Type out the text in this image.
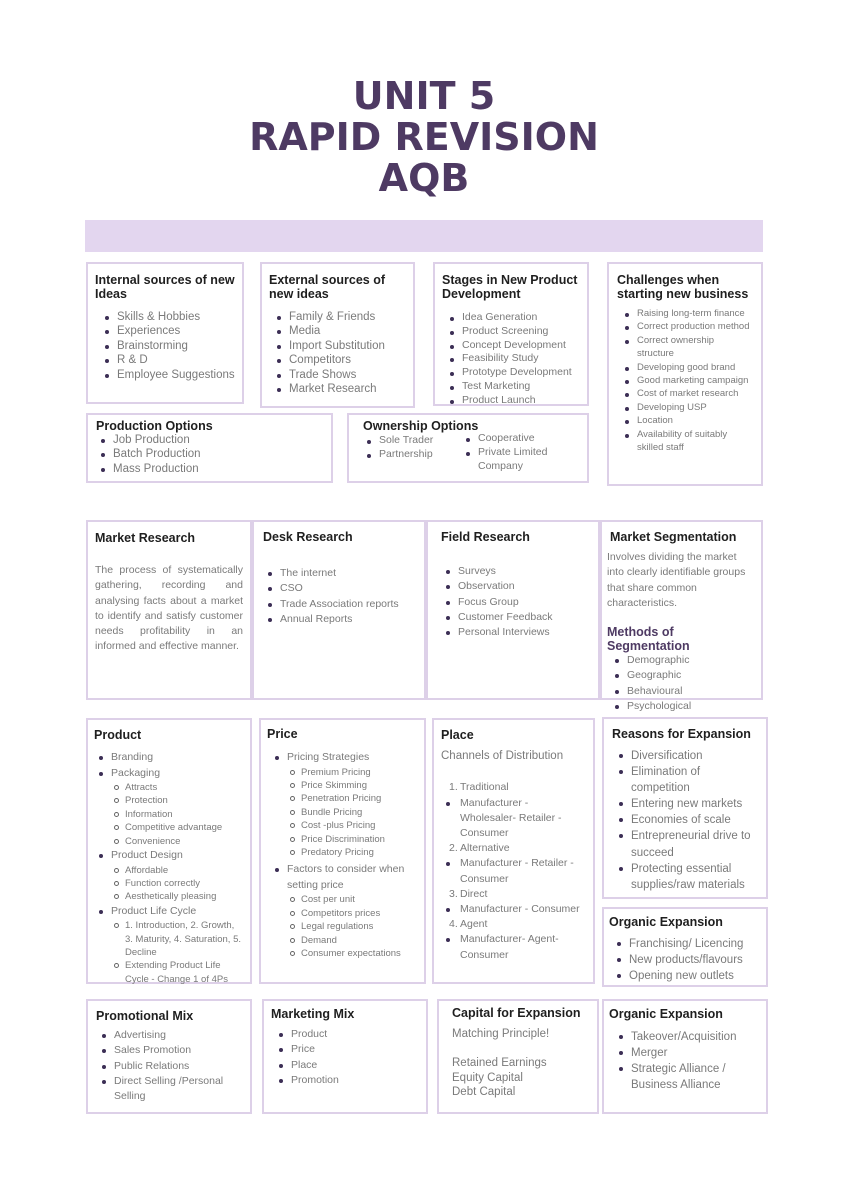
UNIT 5
RAPID REVISION
AQB
Internal sources of new Ideas
Skills & Hobbies
Experiences
Brainstorming
R & D
Employee Suggestions
External sources of new ideas
Family & Friends
Media
Import Substitution
Competitors
Trade Shows
Market Research
Stages in New Product Development
Idea Generation
Product Screening
Concept Development
Feasibility Study
Prototype Development
Test Marketing
Product Launch
Challenges when starting new business
Raising long-term finance
Correct production method
Correct ownership structure
Developing good brand
Good marketing campaign
Cost of market research
Developing USP
Location
Availability of suitably skilled staff
Production Options
Job Production
Batch Production
Mass Production
Ownership Options
Sole Trader
Partnership
Cooperative
Private Limited Company
Market Research
The process of systematically gathering, recording and analysing facts about a market to identify and satisfy customer needs profitability in an informed and effective manner.
Desk Research
The internet
CSO
Trade Association reports
Annual Reports
Field Research
Surveys
Observation
Focus Group
Customer Feedback
Personal Interviews
Market Segmentation
Involves dividing the market into clearly identifiable groups that share common characteristics.
Methods of Segmentation
Demographic
Geographic
Behavioural
Psychological
Product
Branding
Packaging
Attracts
Protection
Information
Competitive advantage
Convenience
Product Design
Affordable
Function correctly
Aesthetically pleasing
Product Life Cycle
1. Introduction, 2. Growth, 3. Maturity, 4. Saturation, 5. Decline
Extending Product Life Cycle - Change 1 of 4Ps
Price
Pricing Strategies
Premium Pricing
Price Skimming
Penetration Pricing
Bundle Pricing
Cost -plus Pricing
Price Discrimination
Predatory Pricing
Factors to consider when setting price
Cost per unit
Competitors prices
Legal regulations
Demand
Consumer expectations
Place
Channels of Distribution
1. Traditional
Manufacturer - Wholesaler- Retailer - Consumer
2. Alternative
Manufacturer - Retailer - Consumer
3. Direct
Manufacturer - Consumer
4. Agent
Manufacturer- Agent- Consumer
Reasons for Expansion
Diversification
Elimination of competition
Entering new markets
Economies of scale
Entrepreneurial drive to succeed
Protecting essential supplies/raw materials
Organic Expansion
Franchising/ Licencing
New products/flavours
Opening new outlets
Promotional Mix
Advertising
Sales Promotion
Public Relations
Direct Selling /Personal Selling
Marketing Mix
Product
Price
Place
Promotion
Capital for Expansion
Matching Principle!
Retained Earnings
Equity Capital
Debt Capital
Organic Expansion
Takeover/Acquisition
Merger
Strategic Alliance / Business Alliance
